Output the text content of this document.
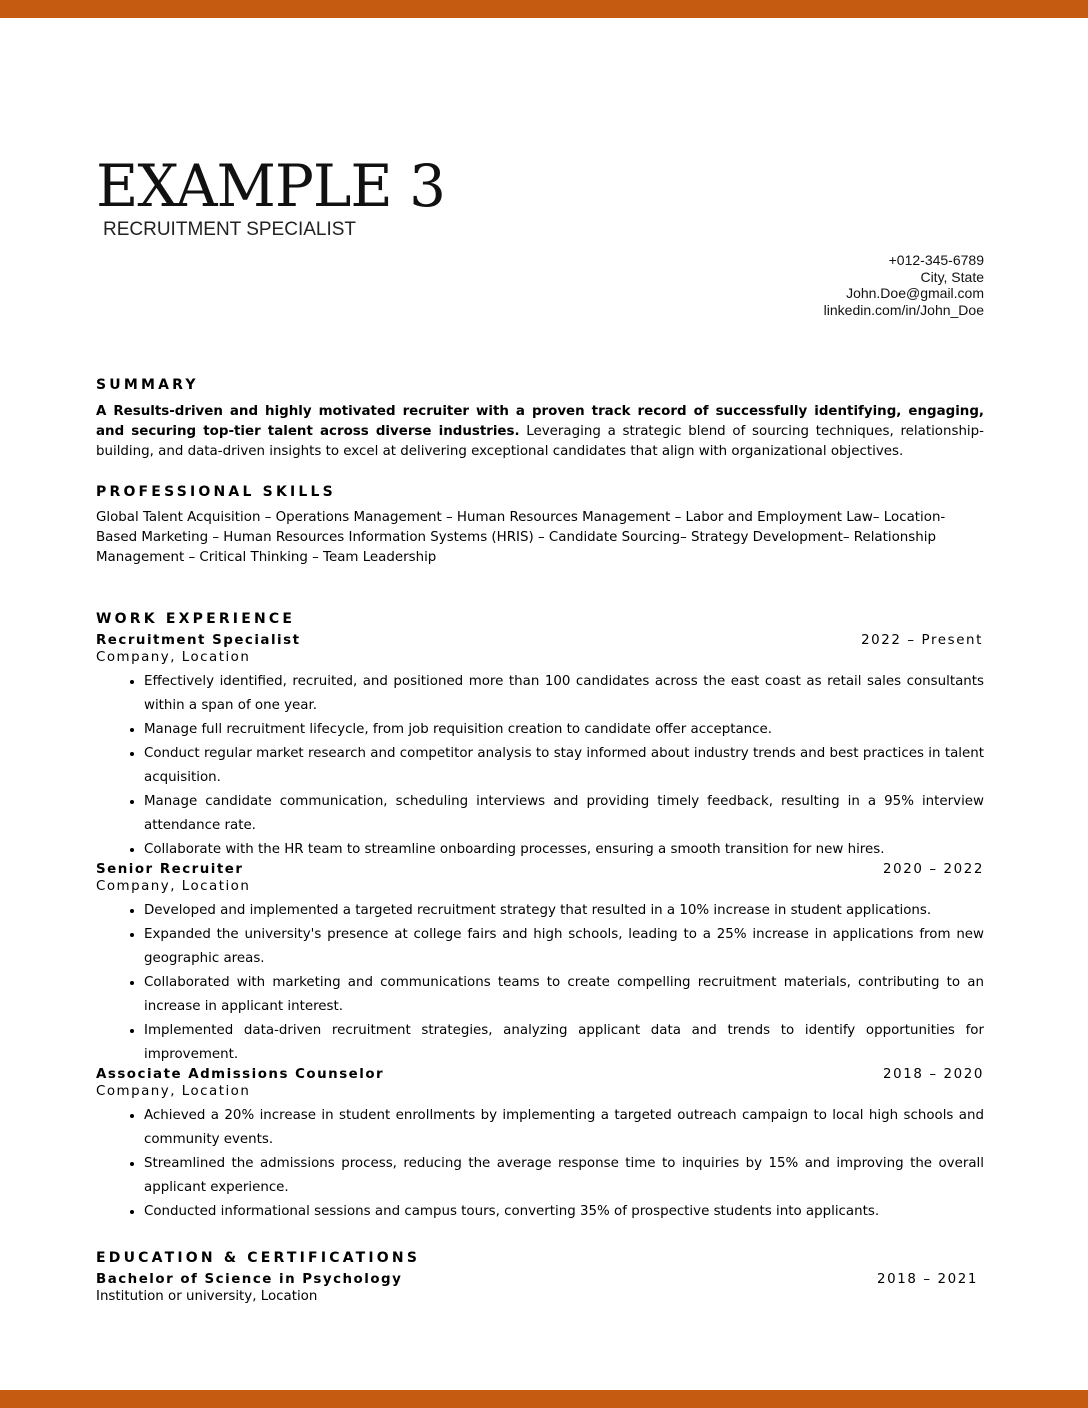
EXAMPLE 3
RECRUITMENT SPECIALIST
+012-345-6789
City, State
John.Doe@gmail.com
linkedin.com/in/John_Doe
SUMMARY

A Results-driven and highly motivated recruiter with a proven track record of successfully identifying, engaging, and securing top-tier talent across diverse industries. Leveraging a strategic blend of sourcing techniques, relationship-building, and data-driven insights to excel at delivering exceptional candidates that align with organizational objectives.

PROFESSIONAL SKILLS

Global Talent Acquisition – Operations Management – Human Resources Management – Labor and Employment Law– Location-Based Marketing – Human Resources Information Systems (HRIS) – Candidate Sourcing– Strategy Development– Relationship Management – Critical Thinking – Team Leadership

WORK EXPERIENCE
Recruitment Specialist	2022 – Present
Company, Location
• Effectively identified, recruited, and positioned more than 100 candidates across the east coast as retail sales consultants within a span of one year.
• Manage full recruitment lifecycle, from job requisition creation to candidate offer acceptance.
• Conduct regular market research and competitor analysis to stay informed about industry trends and best practices in talent acquisition.
• Manage candidate communication, scheduling interviews and providing timely feedback, resulting in a 95% interview attendance rate.
• Collaborate with the HR team to streamline onboarding processes, ensuring a smooth transition for new hires.
Senior Recruiter	2020 – 2022
Company, Location
• Developed and implemented a targeted recruitment strategy that resulted in a 10% increase in student applications.
• Expanded the university's presence at college fairs and high schools, leading to a 25% increase in applications from new geographic areas.
• Collaborated with marketing and communications teams to create compelling recruitment materials, contributing to an increase in applicant interest.
• Implemented data-driven recruitment strategies, analyzing applicant data and trends to identify opportunities for improvement.
Associate Admissions Counselor	2018 – 2020
Company, Location
• Achieved a 20% increase in student enrollments by implementing a targeted outreach campaign to local high schools and community events.
• Streamlined the admissions process, reducing the average response time to inquiries by 15% and improving the overall applicant experience.
• Conducted informational sessions and campus tours, converting 35% of prospective students into applicants.
EDUCATION & CERTIFICATIONS
Bachelor of Science in Psychology	2018 – 2021
Institution or university, Location
